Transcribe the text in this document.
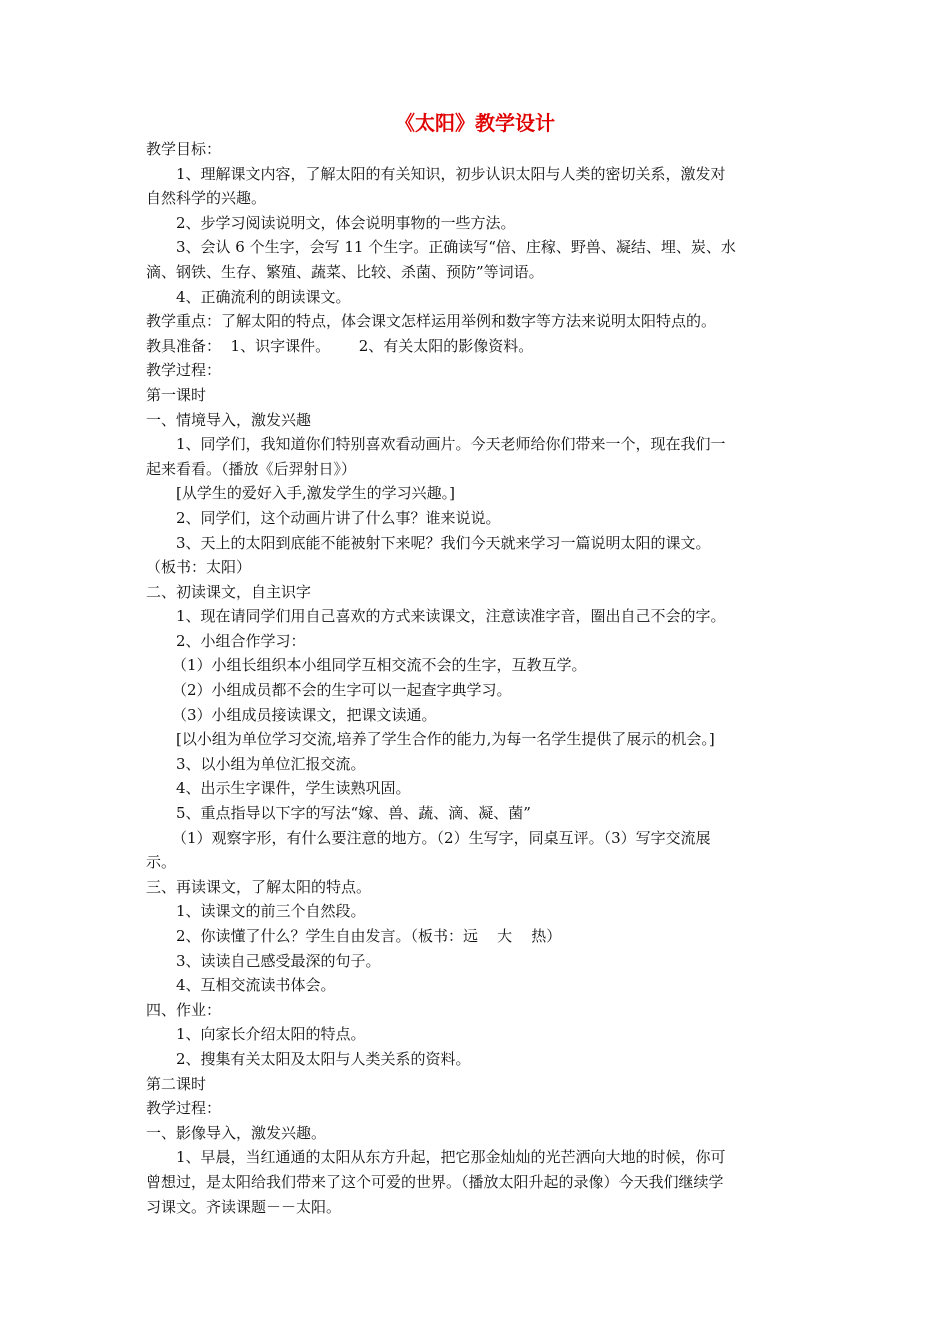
《太阳》教学设计
教学目标：
1、理解课文内容，了解太阳的有关知识，初步认识太阳与人类的密切关系，激发对
自然科学的兴趣。
2、步学习阅读说明文，体会说明事物的一些方法。
3、会认 6 个生字，会写 11 个生字。正确读写“倍、庄稼、野兽、凝结、埋、炭、水
滴、钢铁、生存、繁殖、蔬菜、比较、杀菌、预防”等词语。
4、正确流利的朗读课文。
教学重点：了解太阳的特点，体会课文怎样运用举例和数字等方法来说明太阳特点的。
教具准备：  1、识字课件。      2、有关太阳的影像资料。
教学过程：
第一课时
一、情境导入，激发兴趣
1、同学们，我知道你们特别喜欢看动画片。今天老师给你们带来一个，现在我们一
起来看看。（播放《后羿射日》）
[从学生的爱好入手,激发学生的学习兴趣。]
2、同学们，这个动画片讲了什么事？谁来说说。
3、天上的太阳到底能不能被射下来呢？我们今天就来学习一篇说明太阳的课文。
（板书：太阳）
二、初读课文，自主识字
1、现在请同学们用自己喜欢的方式来读课文，注意读准字音，圈出自己不会的字。
2、小组合作学习：
（1）小组长组织本小组同学互相交流不会的生字，互教互学。
（2）小组成员都不会的生字可以一起查字典学习。
（3）小组成员接读课文，把课文读通。
[以小组为单位学习交流,培养了学生合作的能力,为每一名学生提供了展示的机会。]
3、以小组为单位汇报交流。
4、出示生字课件，学生读熟巩固。
5、重点指导以下字的写法“嫁、兽、蔬、滴、凝、菌”
（1）观察字形，有什么要注意的地方。（2）生写字，同桌互评。（3）写字交流展
示。
三、再读课文，了解太阳的特点。
1、读课文的前三个自然段。
2、你读懂了什么？学生自由发言。（板书：远    大    热）
3、读读自己感受最深的句子。
4、互相交流读书体会。
四、作业：
1、向家长介绍太阳的特点。
2、搜集有关太阳及太阳与人类关系的资料。
第二课时
教学过程：
一、影像导入，激发兴趣。
1、早晨，当红通通的太阳从东方升起，把它那金灿灿的光芒洒向大地的时候，你可
曾想过，是太阳给我们带来了这个可爱的世界。（播放太阳升起的录像）今天我们继续学
习课文。齐读课题－－太阳。
